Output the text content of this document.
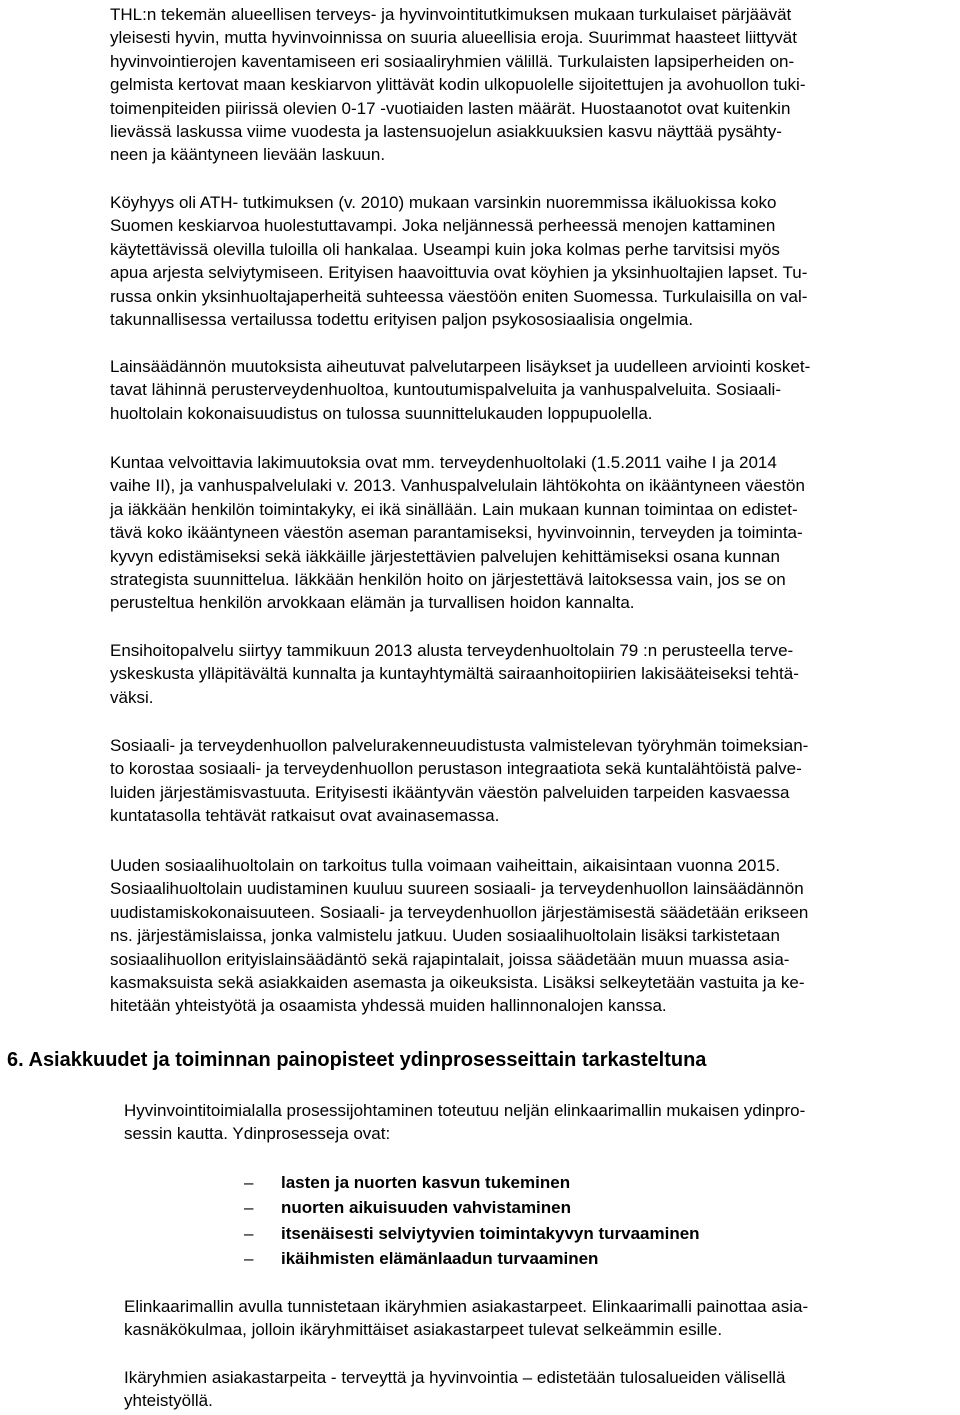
THL:n tekemän alueellisen terveys- ja hyvinvointitutkimuksen mukaan turkulaiset pärjäävät
yleisesti hyvin, mutta hyvinvoinnissa on suuria alueellisia eroja. Suurimmat haasteet liittyvät
hyvinvointierojen kaventamiseen eri sosiaaliryhmien välillä. Turkulaisten lapsiperheiden on-
gelmista kertovat maan keskiarvon ylittävät kodin ulkopuolelle sijoitettujen ja avohuollon tuki-
toimenpiteiden piirissä olevien 0-17 -vuotiaiden lasten määrät. Huostaanotot ovat kuitenkin
lievässä laskussa viime vuodesta ja lastensuojelun asiakkuuksien kasvu näyttää pysähty-
neen ja kääntyneen lievään laskuun.

Köyhyys oli ATH- tutkimuksen (v. 2010) mukaan varsinkin nuoremmissa ikäluokissa koko
Suomen keskiarvoa huolestuttavampi. Joka neljännessä perheessä menojen kattaminen
käytettävissä olevilla tuloilla oli hankalaa. Useampi kuin joka kolmas perhe tarvitsisi myös
apua arjesta selviytymiseen. Erityisen haavoittuvia ovat köyhien ja yksinhuoltajien lapset. Tu-
russa onkin yksinhuoltajaperheitä suhteessa väestöön eniten Suomessa. Turkulaisilla on val-
takunnallisessa vertailussa todettu erityisen paljon psykososiaalisia ongelmia.

Lainsäädännön muutoksista aiheutuvat palvelutarpeen lisäykset ja uudelleen arviointi kosket-
tavat lähinnä perusterveydenhuoltoa, kuntoutumispalveluita ja vanhuspalveluita. Sosiaali-
huoltolain kokonaisuudistus on tulossa suunnittelukauden loppupuolella.

Kuntaa velvoittavia lakimuutoksia ovat mm. terveydenhuoltolaki (1.5.2011 vaihe I ja 2014
vaihe II), ja vanhuspalvelulaki v. 2013. Vanhuspalvelulain lähtökohta on ikääntyneen väestön
ja iäkkään henkilön toimintakyky, ei ikä sinällään. Lain mukaan kunnan toimintaa on edistet-
tävä koko ikääntyneen väestön aseman parantamiseksi, hyvinvoinnin, terveyden ja toiminta-
kyvyn edistämiseksi sekä iäkkäille järjestettävien palvelujen kehittämiseksi osana kunnan
strategista suunnittelua. Iäkkään henkilön hoito on järjestettävä laitoksessa vain, jos se on
perusteltua henkilön arvokkaan elämän ja turvallisen hoidon kannalta.

Ensihoitopalvelu siirtyy tammikuun 2013 alusta terveydenhuoltolain 79 :n perusteella terve-
yskeskusta ylläpitävältä kunnalta ja kuntayhtymältä sairaanhoitopiirien lakisääteiseksi tehtä-
väksi.

Sosiaali- ja terveydenhuollon palvelurakenneuudistusta valmistelevan työryhmän toimeksian-
to korostaa sosiaali- ja terveydenhuollon perustason integraatiota sekä kuntalähtöistä palve-
luiden järjestämisvastuuta. Erityisesti ikääntyvän väestön palveluiden tarpeiden kasvaessa
kuntatasolla tehtävät ratkaisut ovat avainasemassa.

Uuden sosiaalihuoltolain on tarkoitus tulla voimaan vaiheittain, aikaisintaan vuonna 2015.
Sosiaalihuoltolain uudistaminen kuuluu suureen sosiaali- ja terveydenhuollon lainsäädännön
uudistamiskokonaisuuteen. Sosiaali- ja terveydenhuollon järjestämisestä säädetään erikseen
ns. järjestämislaissa, jonka valmistelu jatkuu. Uuden sosiaalihuoltolain lisäksi tarkistetaan
sosiaalihuollon erityislainsäädäntö sekä rajapintalait, joissa säädetään muun muassa asia-
kasmaksuista sekä asiakkaiden asemasta ja oikeuksista. Lisäksi selkeytetään vastuita ja ke-
hitetään yhteistyötä ja osaamista yhdessä muiden hallinnonalojen kanssa.

6. Asiakkuudet ja toiminnan painopisteet ydinprosesseittain tarkasteltuna

Hyvinvointitoimialalla prosessijohtaminen toteutuu neljän elinkaarimallin mukaisen ydinpro-
sessin kautta. Ydinprosesseja ovat:

– lasten ja nuorten kasvun tukeminen
– nuorten aikuisuuden vahvistaminen
– itsenäisesti selviytyvien toimintakyvyn turvaaminen
– ikäihmisten elämänlaadun turvaaminen

Elinkaarimallin avulla tunnistetaan ikäryhmien asiakastarpeet. Elinkaarimalli painottaa asia-
kasnäkökulmaa, jolloin ikäryhmittäiset asiakastarpeet tulevat selkeämmin esille.

Ikäryhmien asiakastarpeita - terveyttä ja hyvinvointia – edistetään tulosalueiden välisellä
yhteistyöllä.
